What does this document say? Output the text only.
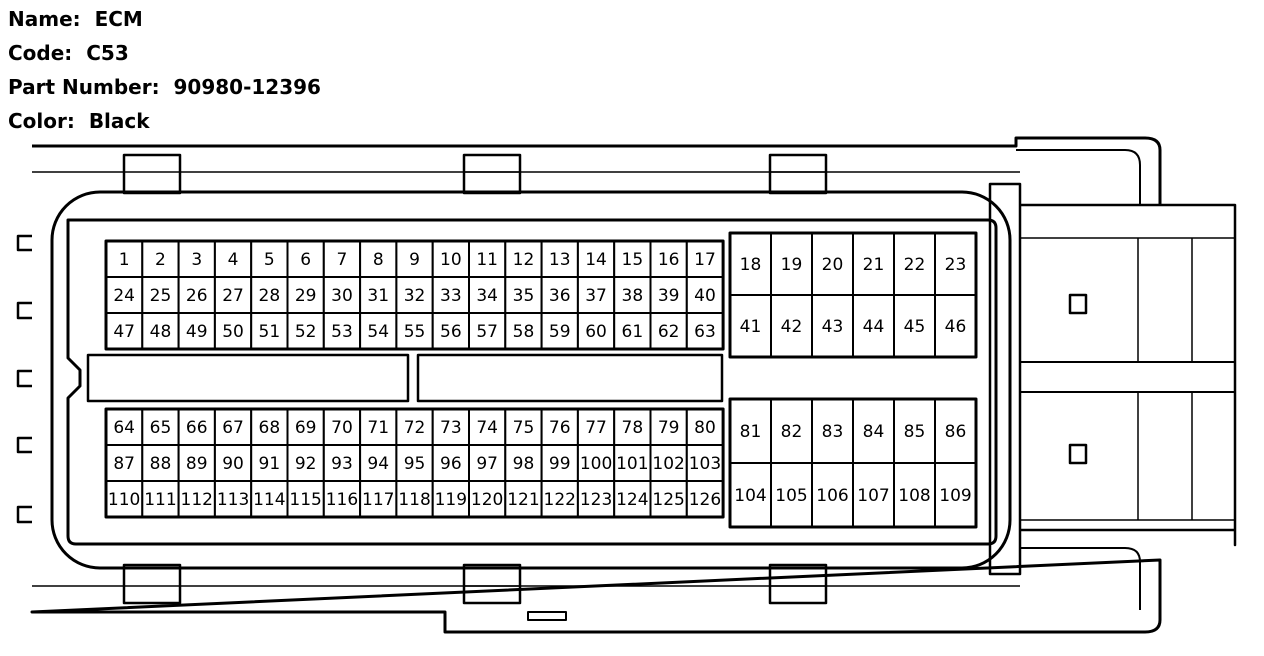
Name: ECM
Code: C53
Part Number: 90980-12396
Color: Black
1 2 3 4 5 6 7 8 9 10 11 12 13 14 15 16 17
24 25 26 27 28 29 30 31 32 33 34 35 36 37 38 39 40
47 48 49 50 51 52 53 54 55 56 57 58 59 60 61 62 63
64 65 66 67 68 69 70 71 72 73 74 75 76 77 78 79 80
87 88 89 90 91 92 93 94 95 96 97 98 99 100 101 102 103
110 111 112 113 114 115 116 117 118 119 120 121 122 123 124 125 126
18 19 20 21 22 23
41 42 43 44 45 46
81 82 83 84 85 86
104 105 106 107 108 109
